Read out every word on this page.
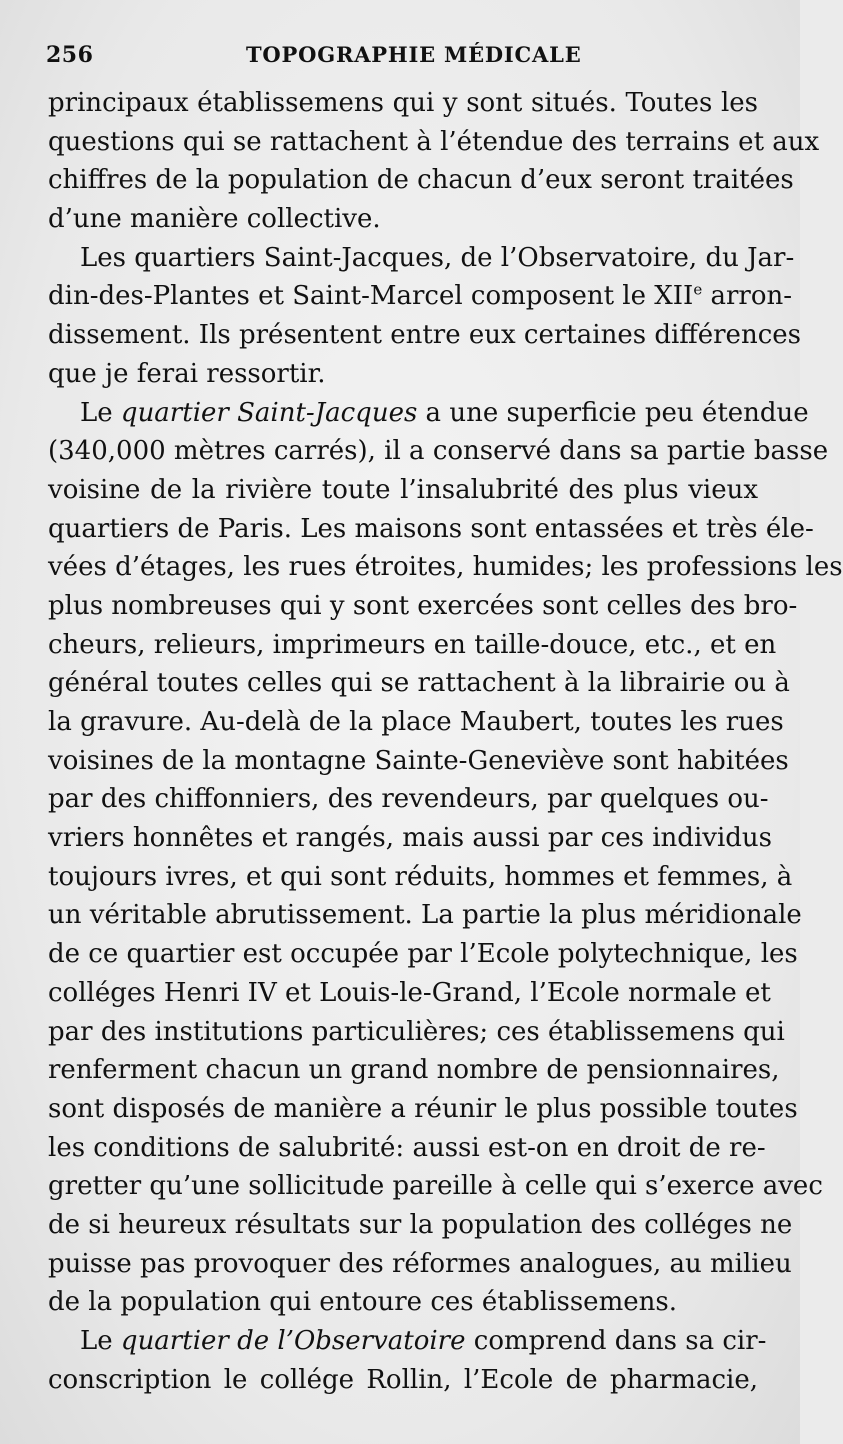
256	TOPOGRAPHIE MÉDICALE
principaux établissemens qui y sont situés. Toutes les
questions qui se rattachent à l’étendue des terrains et aux
chiffres de la population de chacun d’eux seront traitées
d’une manière collective.
Les quartiers Saint-Jacques, de l’Observatoire, du Jar-
din-des-Plantes et Saint-Marcel composent le XIIe arron-
dissement. Ils présentent entre eux certaines différences
que je ferai ressortir.
Le quartier Saint-Jacques a une superficie peu étendue
(340,000 mètres carrés), il a conservé dans sa partie basse
voisine de la rivière toute l’insalubrité des plus vieux
quartiers de Paris. Les maisons sont entassées et très éle-
vées d’étages, les rues étroites, humides; les professions les
plus nombreuses qui y sont exercées sont celles des bro-
cheurs, relieurs, imprimeurs en taille-douce, etc., et en
général toutes celles qui se rattachent à la librairie ou à
la gravure. Au-delà de la place Maubert, toutes les rues
voisines de la montagne Sainte-Geneviève sont habitées
par des chiffonniers, des revendeurs, par quelques ou-
vriers honnêtes et rangés, mais aussi par ces individus
toujours ivres, et qui sont réduits, hommes et femmes, à
un véritable abrutissement. La partie la plus méridionale
de ce quartier est occupée par l’Ecole polytechnique, les
colléges Henri IV et Louis-le-Grand, l’Ecole normale et
par des institutions particulières; ces établissemens qui
renferment chacun un grand nombre de pensionnaires,
sont disposés de manière a réunir le plus possible toutes
les conditions de salubrité: aussi est-on en droit de re-
gretter qu’une sollicitude pareille à celle qui s’exerce avec
de si heureux résultats sur la population des colléges ne
puisse pas provoquer des réformes analogues, au milieu
de la population qui entoure ces établissemens.
Le quartier de l’Observatoire comprend dans sa cir-
conscription le collége Rollin, l’Ecole de pharmacie,
